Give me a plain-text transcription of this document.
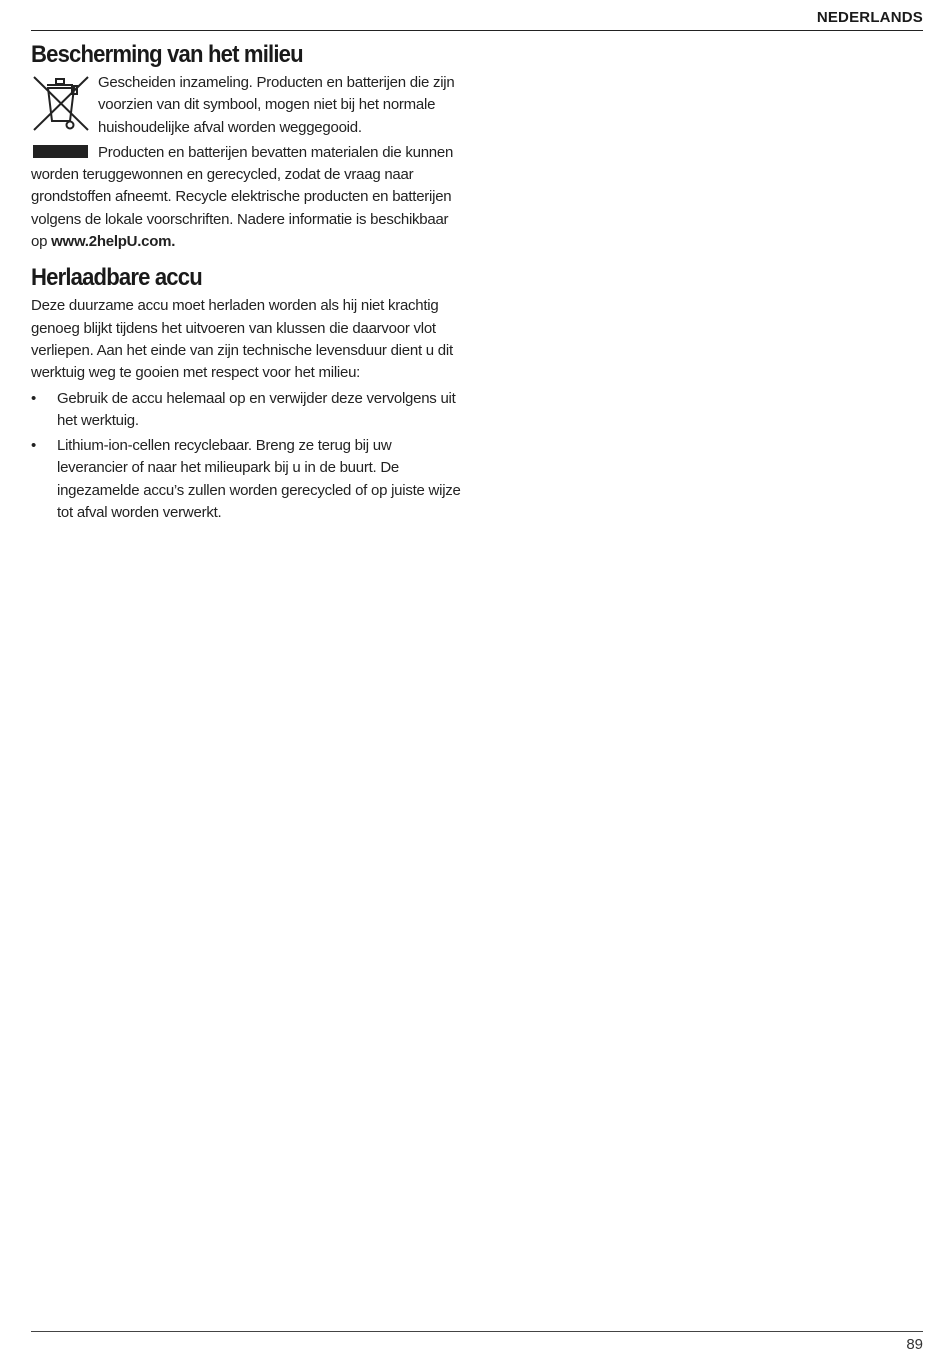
NEDERLANDS
Bescherming van het milieu

Gescheiden inzameling. Producten en batterijen die zijn voorzien van dit symbool, mogen niet bij het normale huishoudelijke afval worden weggegooid.

Producten en batterijen bevatten materialen die kunnen worden teruggewonnen en gerecycled, zodat de vraag naar grondstoffen afneemt. Recycle elektrische producten en batterijen volgens de lokale voorschriften. Nadere informatie is beschikbaar op www.2helpU.com.

Herlaadbare accu

Deze duurzame accu moet herladen worden als hij niet krachtig genoeg blijkt tijdens het uitvoeren van klussen die daarvoor vlot verliepen. Aan het einde van zijn technische levensduur dient u dit werktuig weg te gooien met respect voor het milieu:

• Gebruik de accu helemaal op en verwijder deze vervolgens uit het werktuig.
• Lithium-ion-cellen recyclebaar. Breng ze terug bij uw leverancier of naar het milieupark bij u in de buurt. De ingezamelde accu’s zullen worden gerecycled of op juiste wijze tot afval worden verwerkt.
89
